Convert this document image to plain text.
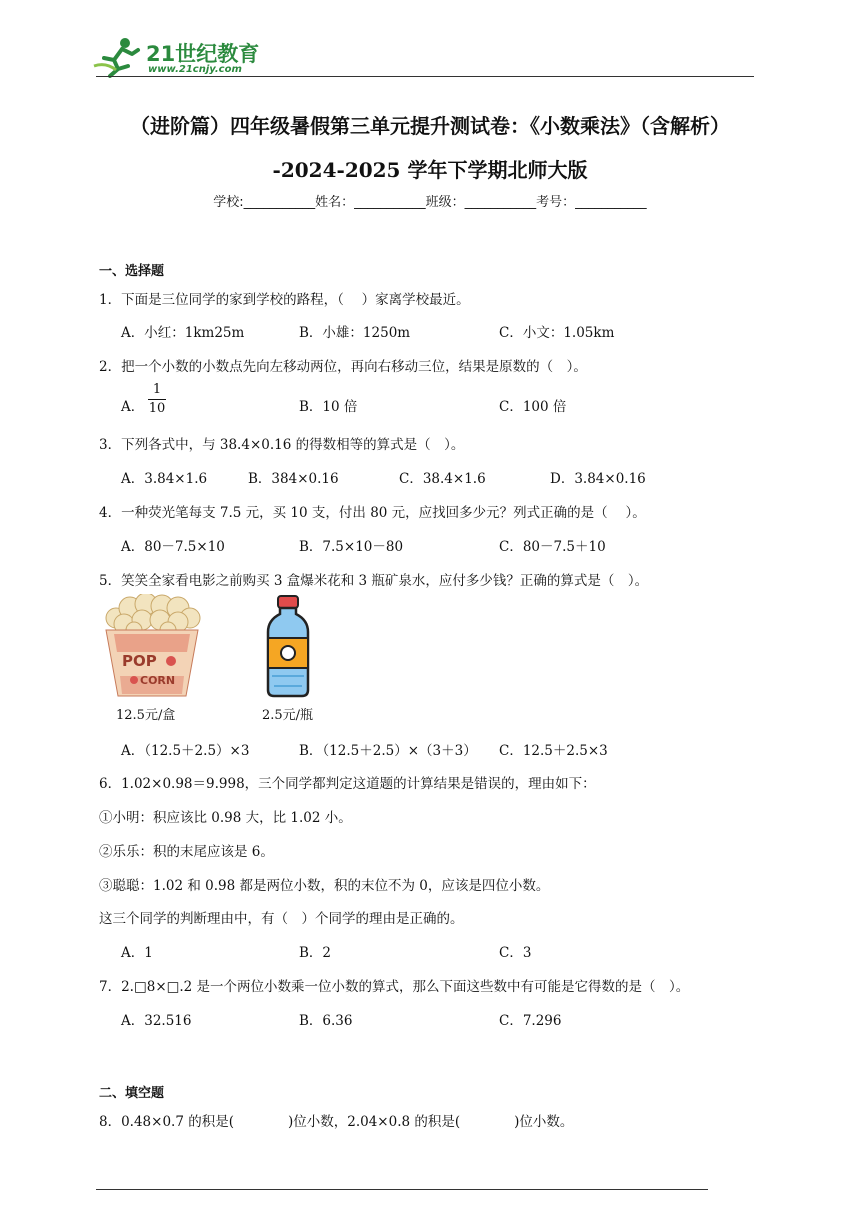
21世纪教育
www.21cnjy.com
（进阶篇）四年级暑假第三单元提升测试卷：《小数乘法》（含解析）
-2024-2025 学年下学期北师大版
学校:___________姓名：___________班级：___________考号：___________
一、选择题
1．下面是三位同学的家到学校的路程，（　 ）家离学校最近。
A．小红：1km25m	B．小雄：1250m	C．小文：1.05km
2．把一个小数的小数点先向左移动两位，再向右移动三位，结果是原数的（　）。
A．
1
10	B．10 倍	C．100 倍
3．下列各式中，与 38.4×0.16 的得数相等的算式是（　）。
A．3.84×1.6	B．384×0.16	C．38.4×1.6	D．3.84×0.16
4．一种荧光笔每支 7.5 元，买 10 支，付出 80 元，应找回多少元？列式正确的是（　 ）。
A．80－7.5×10	B．7.5×10－80	C．80－7.5＋10
5．笑笑全家看电影之前购买 3 盒爆米花和 3 瓶矿泉水，应付多少钱？正确的算式是（　）。
POP
CORN
12.5元/盒	2.5元/瓶
A．（12.5＋2.5）×3	B．（12.5＋2.5）×（3＋3） C．12.5＋2.5×3
6．1.02×0.98＝9.998，三个同学都判定这道题的计算结果是错误的，理由如下：
①小明：积应该比 0.98 大，比 1.02 小。
②乐乐：积的末尾应该是 6。
③聪聪：1.02 和 0.98 都是两位小数，积的末位不为 0，应该是四位小数。
这三个同学的判断理由中，有（　）个同学的理由是正确的。
A．1	B．2	C．3
7．2.□8×□.2 是一个两位小数乘一位小数的算式，那么下面这些数中有可能是它得数的是（　）。
A．32.516	B．6.36	C．7.296
二、填空题
8．0.48×0.7 的积是(　　　　)位小数，2.04×0.8 的积是(　　　　)位小数。
